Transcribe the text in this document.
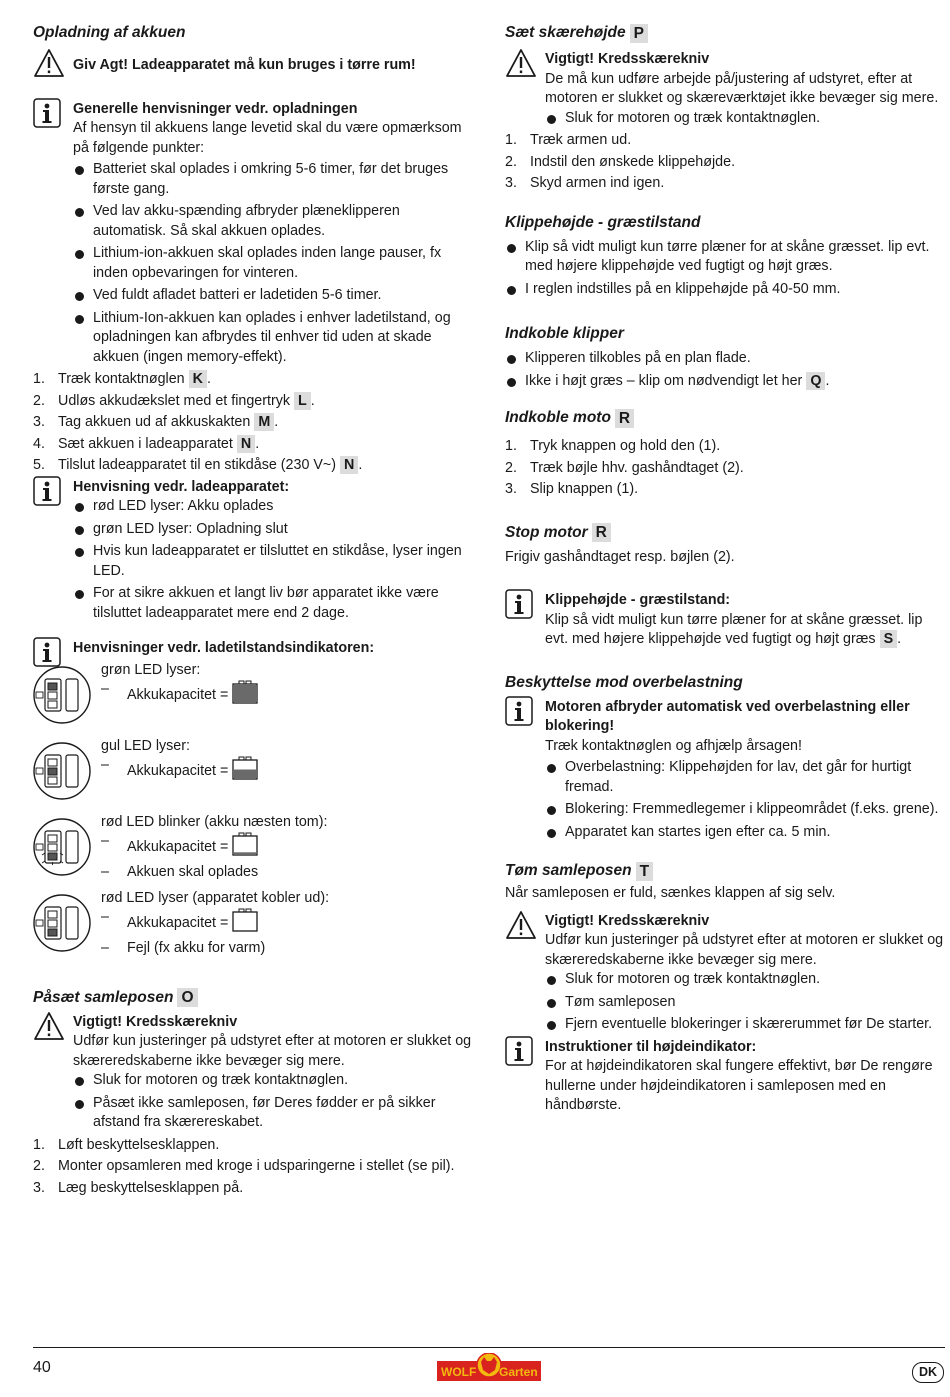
Opladning af akkuen
Giv Agt! Ladeapparatet må kun bruges i tørre rum!
Generelle henvisninger vedr. opladningen
Af hensyn til akkuens lange levetid skal du være opmærksom på følgende punkter:
Batteriet skal oplades i omkring 5-6 timer, før det bruges første gang.
Ved lav akku-spænding afbryder plæneklipperen automatisk. Så skal akkuen oplades.
Lithium-ion-akkuen skal oplades inden lange pauser, fx inden opbevaringen for vinteren.
Ved fuldt afladet batteri er ladetiden 5-6 timer.
Lithium-Ion-akkuen kan oplades i enhver ladetilstand, og opladningen kan afbrydes til enhver tid uden at skade akkuen (ingen memory-effekt).
1. Træk kontaktnøglen K .
2. Udløs akkudækslet med et fingertryk L .
3. Tag akkuen ud af akkuskakten M .
4. Sæt akkuen i ladeapparatet N .
5. Tilslut ladeapparatet til en stikdåse (230 V~) N .
Henvisning vedr. ladeapparatet:
rød LED lyser: Akku oplades
grøn LED lyser: Opladning slut
Hvis kun ladeapparatet er tilsluttet en stikdåse, lyser ingen LED.
For at sikre akkuen et langt liv bør apparatet ikke være tilsluttet ladeapparatet mere end 2 dage.
Henvisninger vedr. ladetilstandsindikatoren:
grøn LED lyser:
– Akkukapacitet =
gul LED lyser:
– Akkukapacitet =
rød LED blinker (akku næsten tom):
– Akkukapacitet =
– Akkuen skal oplades
rød LED lyser (apparatet kobler ud):
– Akkukapacitet =
– Fejl (fx akku for varm)
Påsæt samleposen O
Vigtigt! Kredsskærekniv
Udfør kun justeringer på udstyret efter at motoren er slukket og skæreredskaberne ikke bevæger sig mere.
Sluk for motoren og træk kontaktnøglen.
Påsæt ikke samleposen, før Deres fødder er på sikker afstand fra skærereskabet.
1. Løft beskyttelsesklappen.
2. Monter opsamleren med kroge i udsparingerne i stellet (se pil).
3. Læg beskyttelsesklappen på.
Sæt skærehøjde P
Vigtigt! Kredsskærekniv
De må kun udføre arbejde på/justering af udstyret, efter at motoren er slukket og skæreværktøjet ikke bevæger sig mere.
Sluk for motoren og træk kontaktnøglen.
1. Træk armen ud.
2. Indstil den ønskede klippehøjde.
3. Skyd armen ind igen.
Klippehøjde - græstilstand
Klip så vidt muligt kun tørre plæner for at skåne græsset. lip evt. med højere klippehøjde ved fugtigt og højt græs.
I reglen indstilles på en klippehøjde på 40-50 mm.
Indkoble klipper
Klipperen tilkobles på en plan flade.
Ikke i højt græs – klip om nødvendigt let her Q .
Indkoble moto R
1. Tryk knappen og hold den (1).
2. Træk bøjle hhv. gashåndtaget (2).
3. Slip knappen (1).
Stop motor R
Frigiv gashåndtaget resp. bøjlen (2).
Klippehøjde - græstilstand:
Klip så vidt muligt kun tørre plæner for at skåne græsset. lip evt. med højere klippehøjde ved fugtigt og højt græs S .
Beskyttelse mod overbelastning
Motoren afbryder automatisk ved overbelastning eller blokering!
Træk kontaktnøglen og afhjælp årsagen!
Overbelastning: Klippehøjden for lav, det går for hurtigt fremad.
Blokering: Fremmedlegemer i klippeområdet (f.eks. grene).
Apparatet kan startes igen efter ca. 5 min.
Tøm samleposen T
Når samleposen er fuld, sænkes klappen af sig selv.
Vigtigt! Kredsskærekniv
Udfør kun justeringer på udstyret efter at motoren er slukket og skæreredskaberne ikke bevæger sig mere.
Sluk for motoren og træk kontaktnøglen.
Tøm samleposen
Fjern eventuelle blokeringer i skærerummet før De starter.
Instruktioner til højdeindikator:
For at højdeindikatoren skal fungere effektivt, bør De rengøre hullerne under højdeindikatoren i samleposen med en håndbørste.
40	WOLF Garten	DK
